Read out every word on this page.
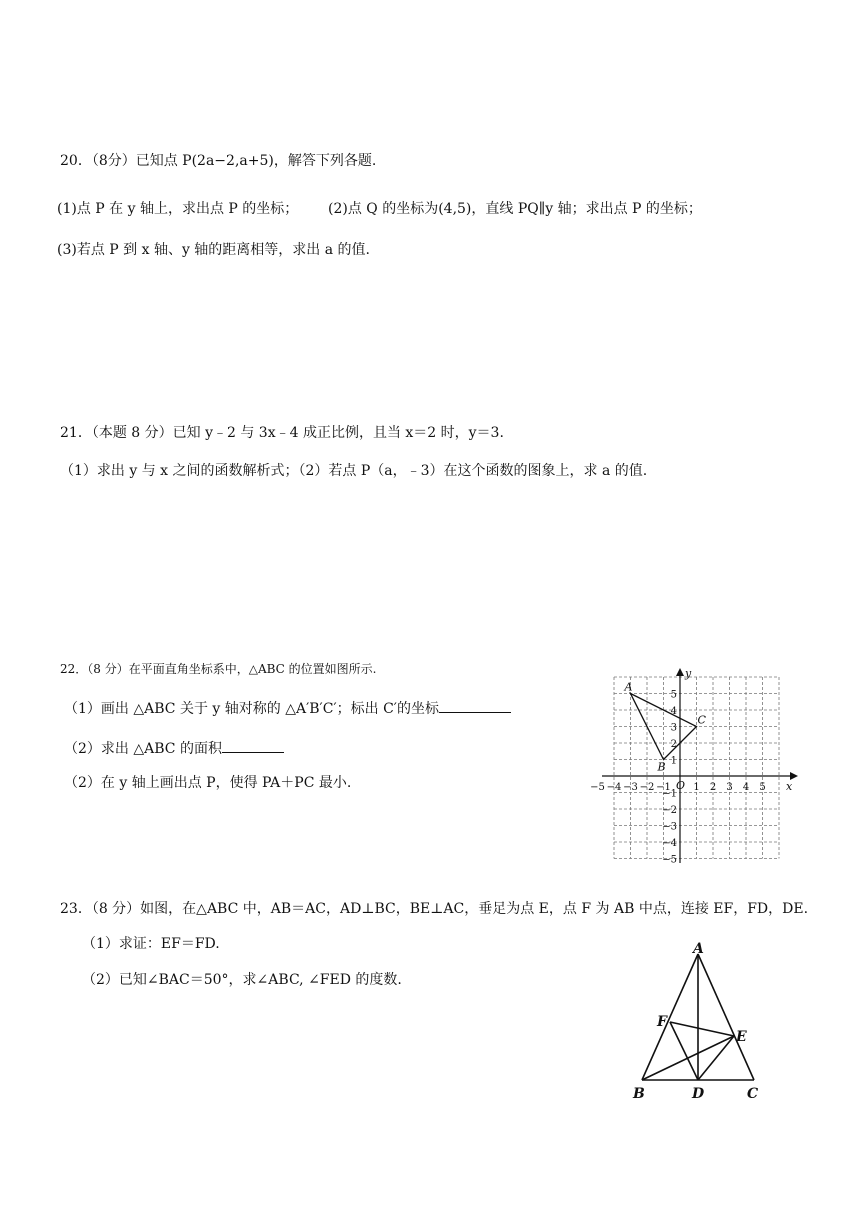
20．（8分）已知点 P(2a−2,a+5)，解答下列各题.
(1)点 P 在 y 轴上，求出点 P 的坐标； (2)点 Q 的坐标为(4,5)，直线 PQ∥y 轴；求出点 P 的坐标；
(3)若点 P 到 x 轴、y 轴的距离相等，求出 a 的值.
21．（本题 8 分）已知 y﹣2 与 3x﹣4 成正比例，且当 x＝2 时，y＝3.
（1）求出 y 与 x 之间的函数解析式；（2）若点 P（a，﹣3）在这个函数的图象上，求 a 的值.
22．（8 分）在平面直角坐标系中，△ABC 的位置如图所示.
（1）画出 △ABC 关于 y 轴对称的 △A′B′C′；标出 C′的坐标
（2）求出 △ABC 的面积
（2）在 y 轴上画出点 P，使得 PA＋PC 最小.	x
y
O
−5 −4 −3 −2 −1 1 2 3 4 5
5
4
3
2
1
−1
−2
−3
−4
−5
A
B
C
23．（8 分）如图，在△ABC 中，AB＝AC，AD⊥BC，BE⊥AC，垂足为点 E，点 F 为 AB 中点，连接 EF，FD，DE.
（1）求证：EF＝FD.
（2）已知∠BAC＝50°，求∠ABC, ∠FED 的度数.
A
F
E
B	D	C
